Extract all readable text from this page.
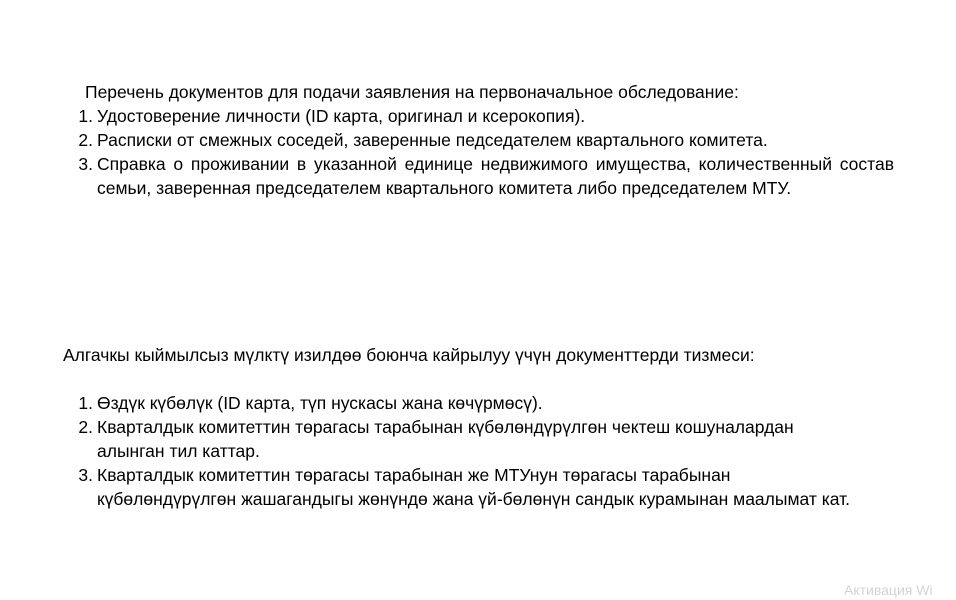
Перечень документов для подачи заявления на первоначальное обследование:

1. Удостоверение личности (ID карта, оригинал и ксерокопия).
2. Расписки от смежных соседей, заверенные педседателем квартального комитета.
3. Справка о проживании в указанной единице недвижимого имущества, количественный состав семьи, заверенная председателем квартального комитета либо председателем МТУ.

Алгачкы кыймылсыз мүлктү изилдөө боюнча кайрылуу үчүн документтерди тизмеси:

1. Өздүк күбөлүк (ID карта, түп нускасы жана көчүрмөсү).
2. Кварталдык комитеттин төрагасы тарабынан күбөлөндүрүлгөн чектеш кошуналардан алынган тил каттар.
3. Кварталдык комитеттин төрагасы тарабынан же МТУнун төрагасы тарабынан күбөлөндүрүлгөн жашагандыгы жөнүндө жана үй-бөлөнүн сандык курамынан маалымат кат.
Активация Wi
